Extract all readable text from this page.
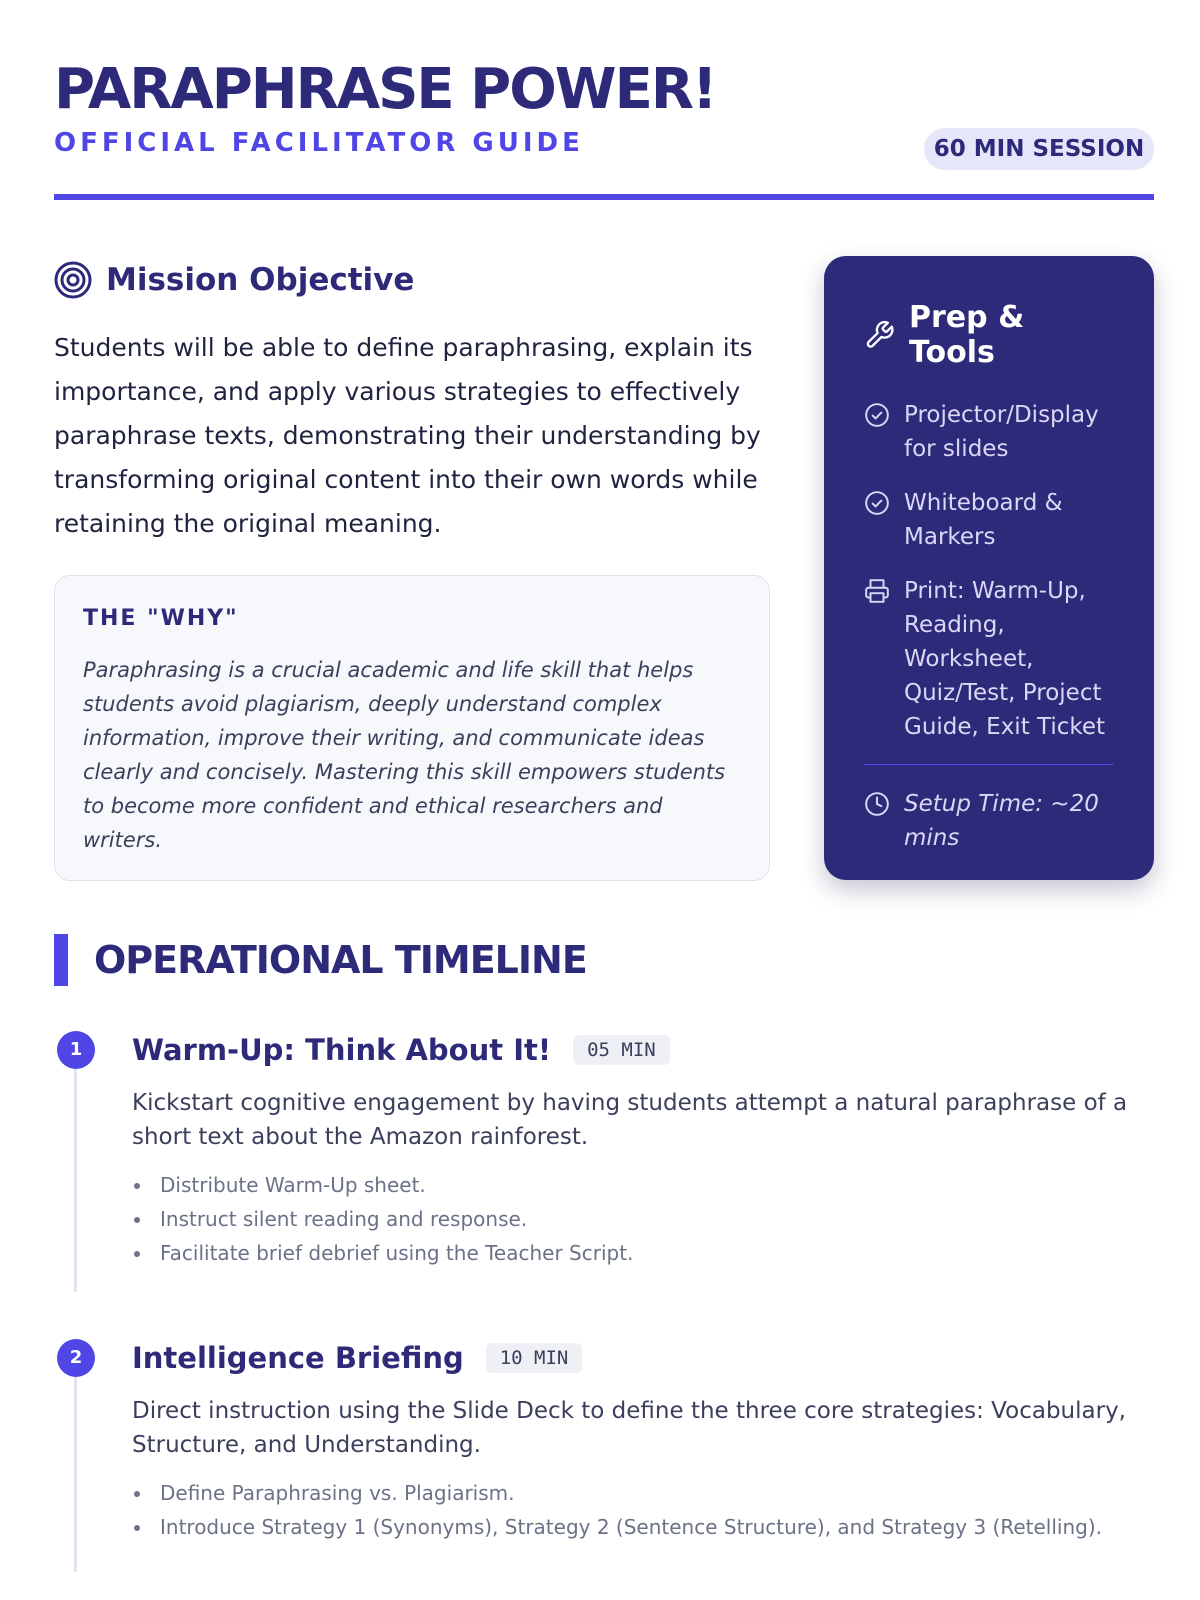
PARAPHRASE POWER!
OFFICIAL FACILITATOR GUIDE	60 MIN SESSION
Mission Objective

Students will be able to define paraphrasing, explain its importance, and apply various strategies to effectively paraphrase texts, demonstrating their understanding by transforming original content into their own words while retaining the original meaning.

THE "WHY"

Paraphrasing is a crucial academic and life skill that helps students avoid plagiarism, deeply understand complex information, improve their writing, and communicate ideas clearly and concisely. Mastering this skill empowers students to become more confident and ethical researchers and writers.

Prep & Tools
Projector/Display for slides
Whiteboard & Markers
Print: Warm-Up, Reading, Worksheet, Quiz/Test, Project Guide, Exit Ticket
Setup Time: ~20 mins
OPERATIONAL TIMELINE
1	Warm-Up: Think About It!	05 MIN

Kickstart cognitive engagement by having students attempt a natural paraphrase of a short text about the Amazon rainforest.

Distribute Warm-Up sheet.
Instruct silent reading and response.
Facilitate brief debrief using the Teacher Script.
2	Intelligence Briefing	10 MIN

Direct instruction using the Slide Deck to define the three core strategies: Vocabulary, Structure, and Understanding.

Define Paraphrasing vs. Plagiarism.
Introduce Strategy 1 (Synonyms), Strategy 2 (Sentence Structure), and Strategy 3 (Retelling).
